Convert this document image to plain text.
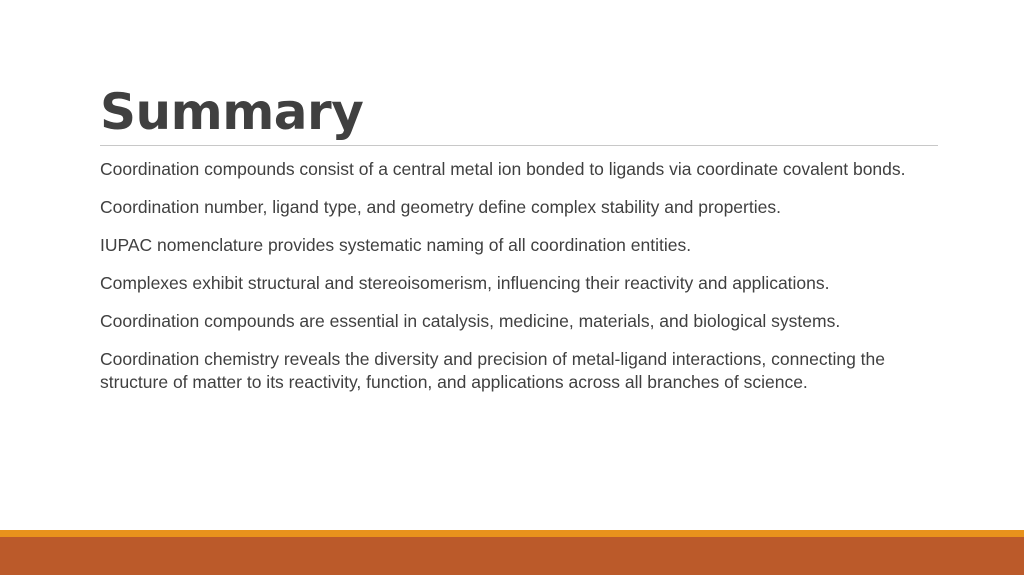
Summary
Coordination compounds consist of a central metal ion bonded to ligands via coordinate covalent bonds.
Coordination number, ligand type, and geometry define complex stability and properties.
IUPAC nomenclature provides systematic naming of all coordination entities.
Complexes exhibit structural and stereoisomerism, influencing their reactivity and applications.
Coordination compounds are essential in catalysis, medicine, materials, and biological systems.
Coordination chemistry reveals the diversity and precision of metal-ligand interactions, connecting the structure of matter to its reactivity, function, and applications across all branches of science.
